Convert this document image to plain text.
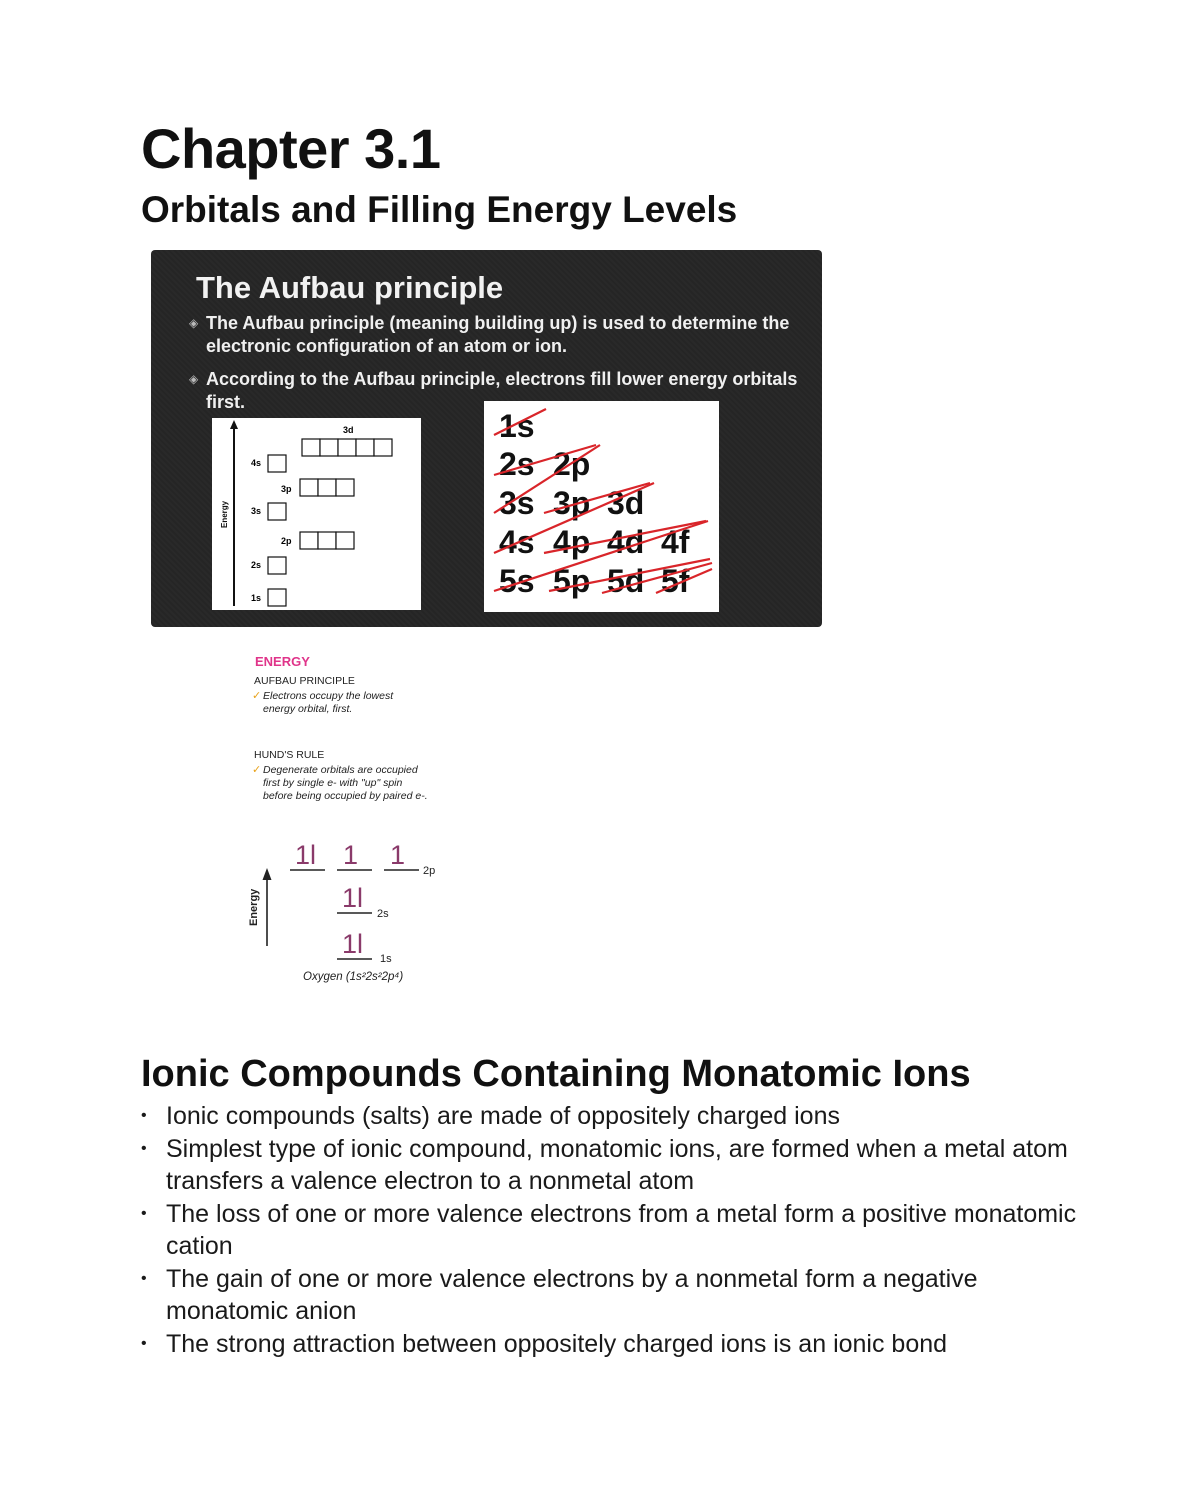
Chapter 3.1
Orbitals and Filling Energy Levels
The Aufbau principle
◈ The Aufbau principle (meaning building up) is used to determine the electronic configuration of an atom or ion.
◈ According to the Aufbau principle, electrons fill lower energy orbitals first.
Energy
1s
2s
2p
3s
3p
4s
3d	1s
2s 2p
3s 3p 3d
4s 4p 4d 4f
5s 5p 5d 5f
ENERGY
AUFBAU PRINCIPLE
✓ Electrons occupy the lowest
energy orbital, first.
HUND'S RULE
✓ Degenerate orbitals are occupied
first by single e- with "up" spin
before being occupied by paired e-.
Energy
1l 1 1
2p
1l
2s
1l 1s
Oxygen (1s²2s²2p⁴)
Ionic Compounds Containing Monatomic Ions
• Ionic compounds (salts) are made of oppositely charged ions
• Simplest type of ionic compound, monatomic ions, are formed when a metal atom transfers a valence electron to a nonmetal atom
• The loss of one or more valence electrons from a metal form a positive monatomic cation
• The gain of one or more valence electrons by a nonmetal form a negative monatomic anion
• The strong attraction between oppositely charged ions is an ionic bond
